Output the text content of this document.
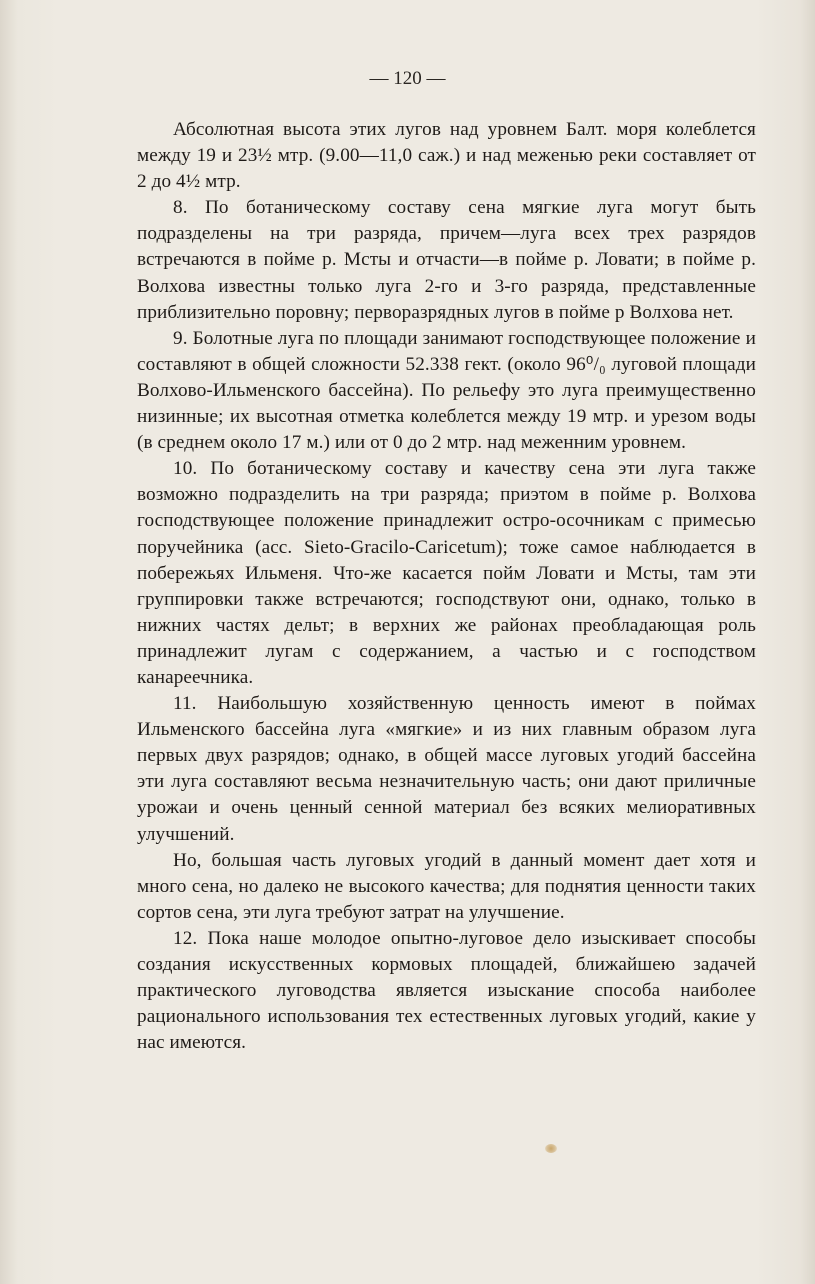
— 120 —

Абсолютная высота этих лугов над уровнем Балт. моря колеблется между 19 и 23½ мтр. (9.00—11,0 саж.) и над меженью реки составляет от 2 до 4½ мтр.

8. По ботаническому составу сена мягкие луга могут быть подразделены на три разряда, причем—луга всех трех разрядов встречаются в пойме р. Мсты и отчасти—в пойме р. Ловати; в пойме р. Волхова известны только луга 2-го и 3-го разряда, представленные приблизительно поровну; перворазрядных лугов в пойме р Волхова нет.

9. Болотные луга по площади занимают господствующее положение и составляют в общей сложности 52.338 гект. (около 96⁰/₀ луговой площади Волхово-Ильменского бассейна). По рельефу это луга преимущественно низинные; их высотная отметка колеблется между 19 мтр. и урезом воды (в среднем около 17 м.) или от 0 до 2 мтр. над меженним уровнем.

10. По ботаническому составу и качеству сена эти луга также возможно подразделить на три разряда; приэтом в пойме р. Волхова господствующее положение принадлежит остро-осочникам с примесью поручейника (асс. Sieto-Gracilo-Caricetum); тоже самое наблюдается в побережьях Ильменя. Что-же касается пойм Ловати и Мсты, там эти группировки также встречаются; господствуют они, однако, только в нижних частях дельт; в верхних же районах преобладающая роль принадлежит лугам с содержанием, а частью и с господством канареечника.

11. Наибольшую хозяйственную ценность имеют в поймах Ильменского бассейна луга «мягкие» и из них главным образом луга первых двух разрядов; однако, в общей массе луговых угодий бассейна эти луга составляют весьма незначительную часть; они дают приличные урожаи и очень ценный сенной материал без всяких мелиоративных улучшений.

Но, большая часть луговых угодий в данный момент дает хотя и много сена, но далеко не высокого качества; для поднятия ценности таких сортов сена, эти луга требуют затрат на улучшение.

12. Пока наше молодое опытно-луговое дело изыскивает способы создания искусственных кормовых площадей, ближайшею задачей практического луговодства является изыскание способа наиболее рационального использования тех естественных луговых угодий, какие у нас имеются.
